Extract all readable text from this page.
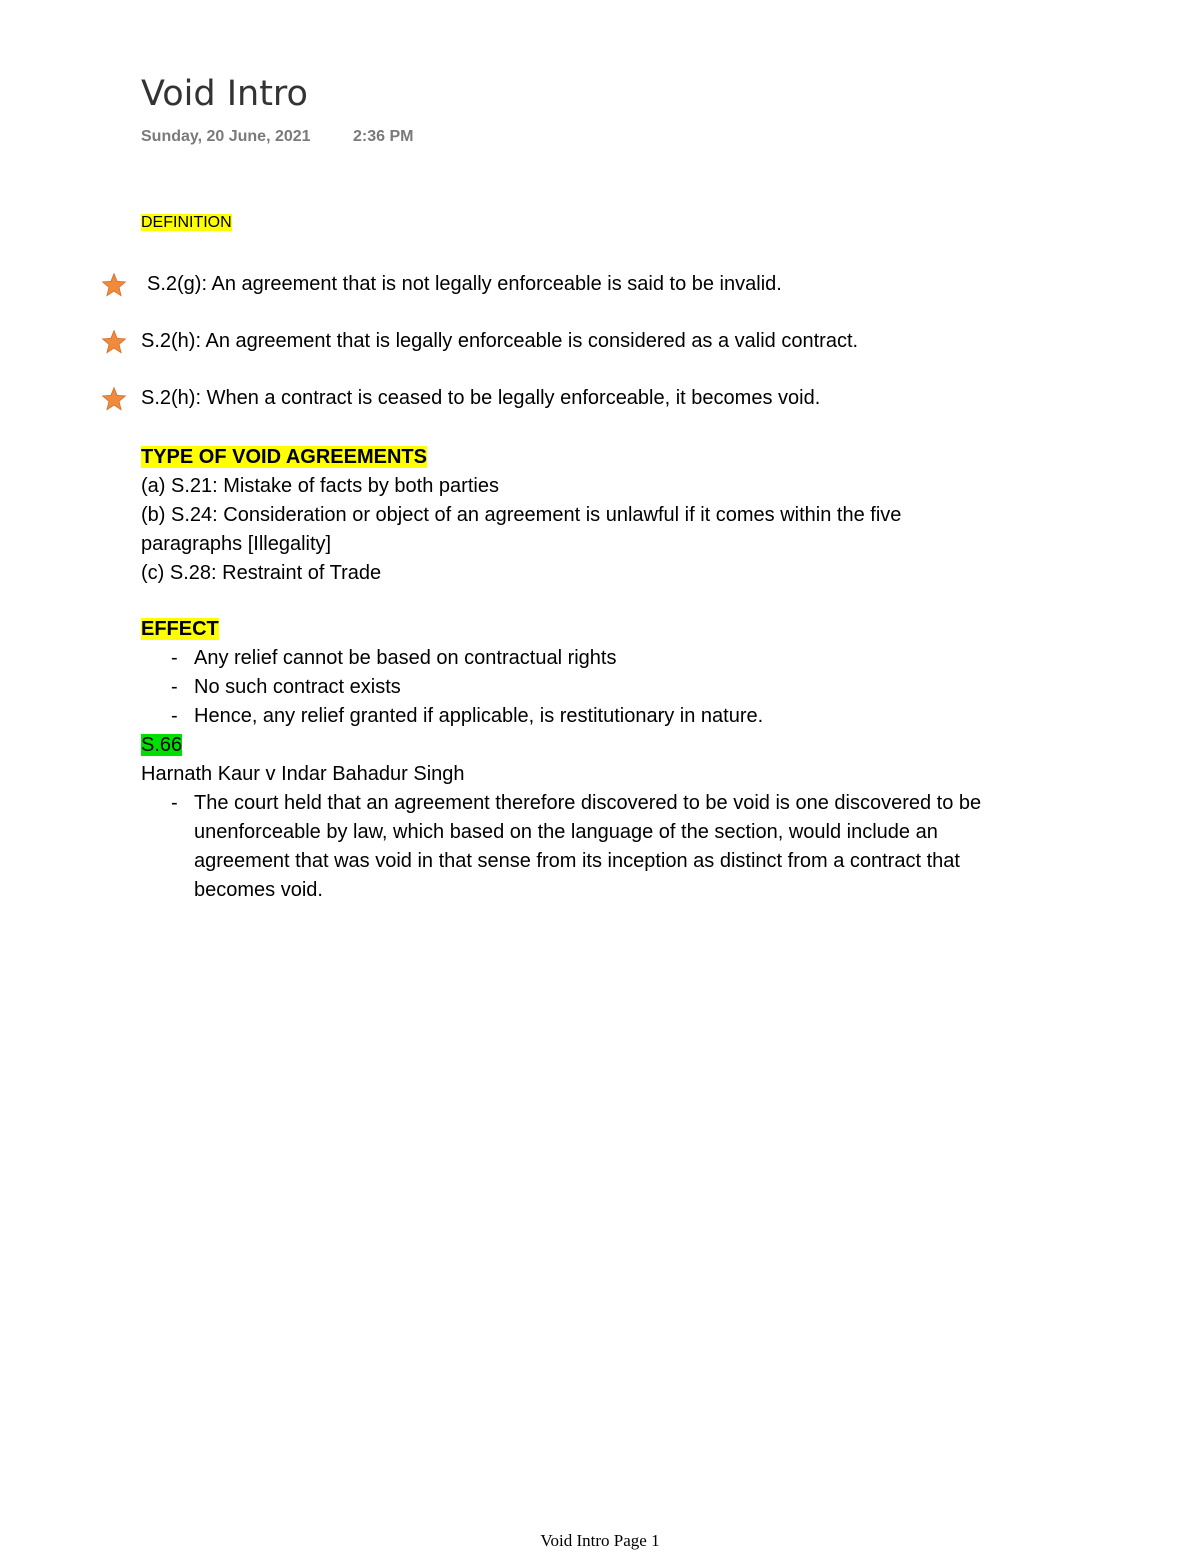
Void Intro
Sunday, 20 June, 2021	2:36 PM
DEFINITION
S.2(g): An agreement that is not legally enforceable is said to be invalid.
S.2(h): An agreement that is legally enforceable is considered as a valid contract.
S.2(h): When a contract is ceased to be legally enforceable, it becomes void.
TYPE OF VOID AGREEMENTS
(a) S.21: Mistake of facts by both parties
(b) S.24: Consideration or object of an agreement is unlawful if it comes within the five paragraphs [Illegality]
(c) S.28: Restraint of Trade
EFFECT
- Any relief cannot be based on contractual rights
- No such contract exists
- Hence, any relief granted if applicable, is restitutionary in nature.
S.66
Harnath Kaur v Indar Bahadur Singh
- The court held that an agreement therefore discovered to be void is one discovered to be unenforceable by law, which based on the language of the section, would include an agreement that was void in that sense from its inception as distinct from a contract that becomes void.
Void Intro Page 1
